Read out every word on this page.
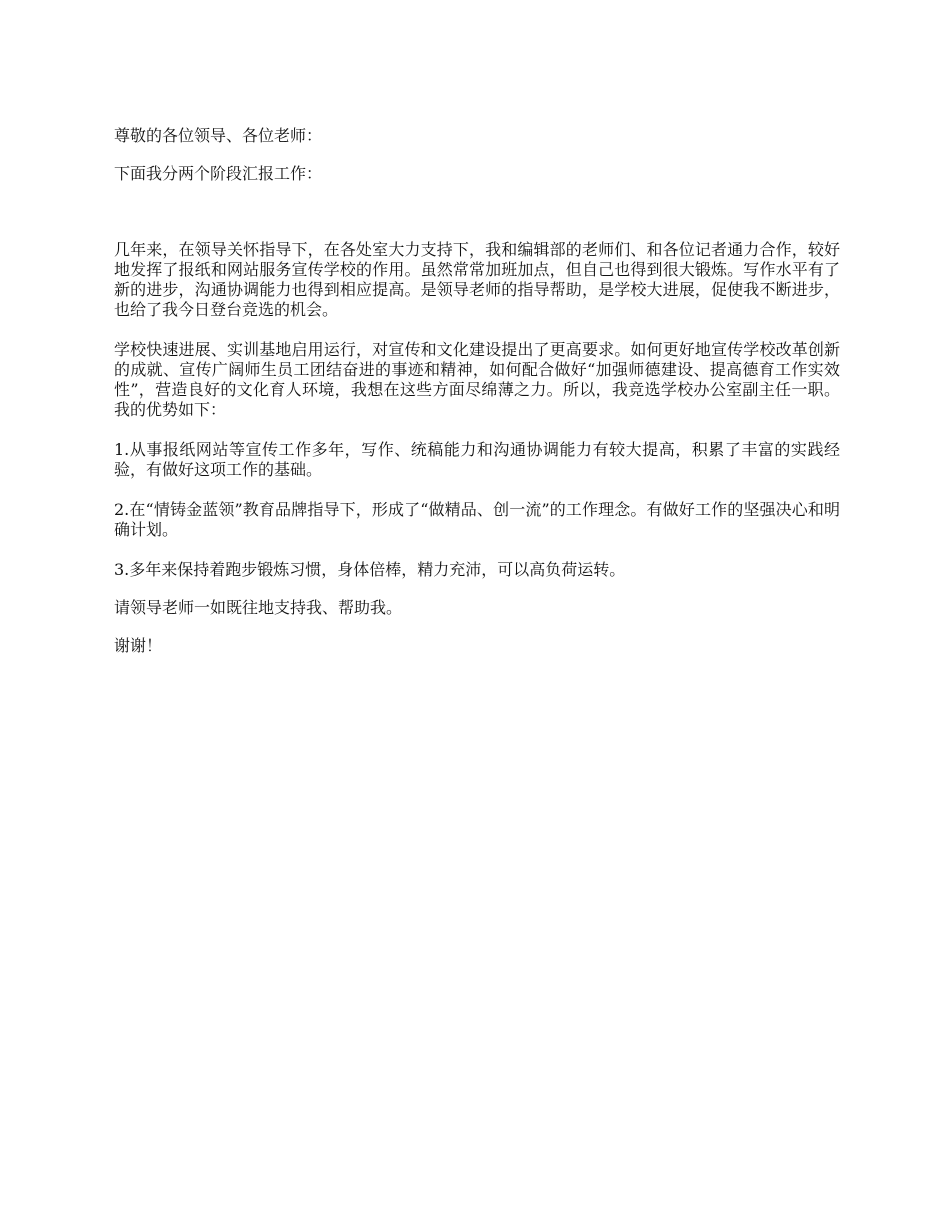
尊敬的各位领导、各位老师：

下面我分两个阶段汇报工作：

几年来，在领导关怀指导下，在各处室大力支持下，我和编辑部的老师们、和各位记者通力合作，较好地发挥了报纸和网站服务宣传学校的作用。虽然常常加班加点，但自己也得到很大锻炼。写作水平有了新的进步，沟通协调能力也得到相应提高。是领导老师的指导帮助，是学校大进展，促使我不断进步，也给了我今日登台竞选的机会。

学校快速进展、实训基地启用运行，对宣传和文化建设提出了更高要求。如何更好地宣传学校改革创新的成就、宣传广阔师生员工团结奋进的事迹和精神，如何配合做好“加强师德建设、提高德育工作实效性”，营造良好的文化育人环境，我想在这些方面尽绵薄之力。所以，我竞选学校办公室副主任一职。我的优势如下：

1.从事报纸网站等宣传工作多年，写作、统稿能力和沟通协调能力有较大提高，积累了丰富的实践经验，有做好这项工作的基础。

2.在“情铸金蓝领”教育品牌指导下，形成了“做精品、创一流”的工作理念。有做好工作的坚强决心和明确计划。

3.多年来保持着跑步锻炼习惯，身体倍棒，精力充沛，可以高负荷运转。

请领导老师一如既往地支持我、帮助我。

谢谢！
